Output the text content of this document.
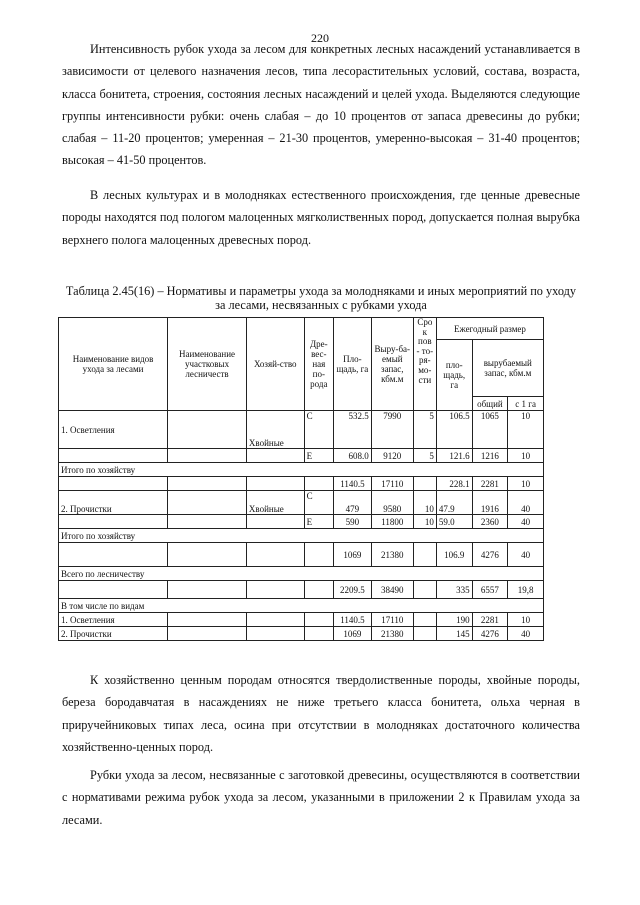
220

Интенсивность рубок ухода за лесом для конкретных лесных насаждений устанавливается в зависимости от целевого назначения лесов, типа лесорастительных условий, состава, возраста, класса бонитета, строения, состояния лесных насаждений и целей ухода. Выделяются следующие группы интенсивности рубки: очень слабая – до 10 процентов от запаса древесины до рубки; слабая – 11-20 процентов; умеренная – 21-30 процентов, умеренно-высокая – 31-40 процентов; высокая – 41-50 процентов.

В лесных культурах и в молодняках естественного происхождения, где ценные древесные породы находятся под пологом малоценных мягколиственных пород, допускается полная вырубка верхнего полога малоценных древесных пород.

Таблица 2.45(16) – Нормативы и параметры ухода за молодняками и иных мероприятий по уходу за лесами, несвязанных с рубками ухода

Наименование видов ухода за лесами	Наименование участковых лесничеств	Хозяй-ство	Дре-вес-ная по-рода	Пло-щадь, га	Выру-ба-емый запас, кбм.м	Сро к пов - то-ря-мо-сти	Ежегодный размер		
							пло-щадь, га	вырубаемый запас, кбм.м	
								общий	с 1 га
1. Осветления		Хвойные	С	532.5	7990	5	106.5	1065	10
			Е	608.0	9120	5	121.6	1216	10
Итого по хозяйству									
				1140.5	17110		228.1	2281	10
2. Прочистки		Хвойные	С	479	9580	10	47.9	1916	40
			Е	590	11800	10	59.0	2360	40
Итого по хозяйству									
				1069	21380		106.9	4276	40
Всего по лесничеству									
				2209.5	38490		335	6557	19,8
В том числе по видам									
1. Осветления				1140.5	17110		190	2281	10
2. Прочистки				1069	21380		145	4276	40

К хозяйственно ценным породам относятся твердолиственные породы, хвойные породы, береза бородавчатая в насаждениях не ниже третьего класса бонитета, ольха черная в приручейниковых типах леса, осина при отсутствии в молодняках достаточного количества хозяйственно-ценных пород.

Рубки ухода за лесом, несвязанные с заготовкой древесины, осуществляются в соответствии с нормативами режима рубок ухода за лесом, указанными в приложении 2 к Правилам ухода за лесами.
